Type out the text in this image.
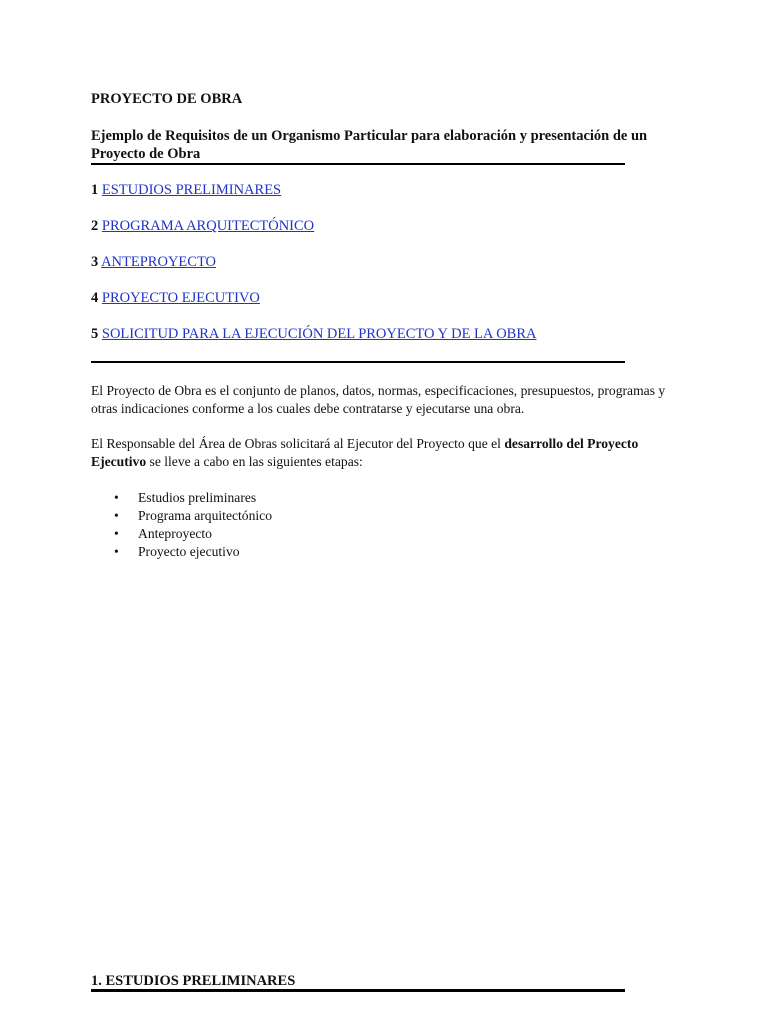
PROYECTO DE OBRA
Ejemplo de Requisitos de un Organismo Particular para elaboración y presentación de un Proyecto de Obra
1 ESTUDIOS PRELIMINARES
2 PROGRAMA ARQUITECTÓNICO
3 ANTEPROYECTO
4 PROYECTO EJECUTIVO
5 SOLICITUD PARA LA EJECUCIÓN DEL PROYECTO Y DE LA OBRA
El Proyecto de Obra es el conjunto de planos, datos, normas, especificaciones, presupuestos, programas y otras indicaciones conforme a los cuales debe contratarse y ejecutarse una obra.
El Responsable del Área de Obras solicitará al Ejecutor del Proyecto que el desarrollo del Proyecto Ejecutivo se lleve a cabo en las siguientes etapas:
• Estudios preliminares
• Programa arquitectónico
• Anteproyecto
• Proyecto ejecutivo
1. ESTUDIOS PRELIMINARES
